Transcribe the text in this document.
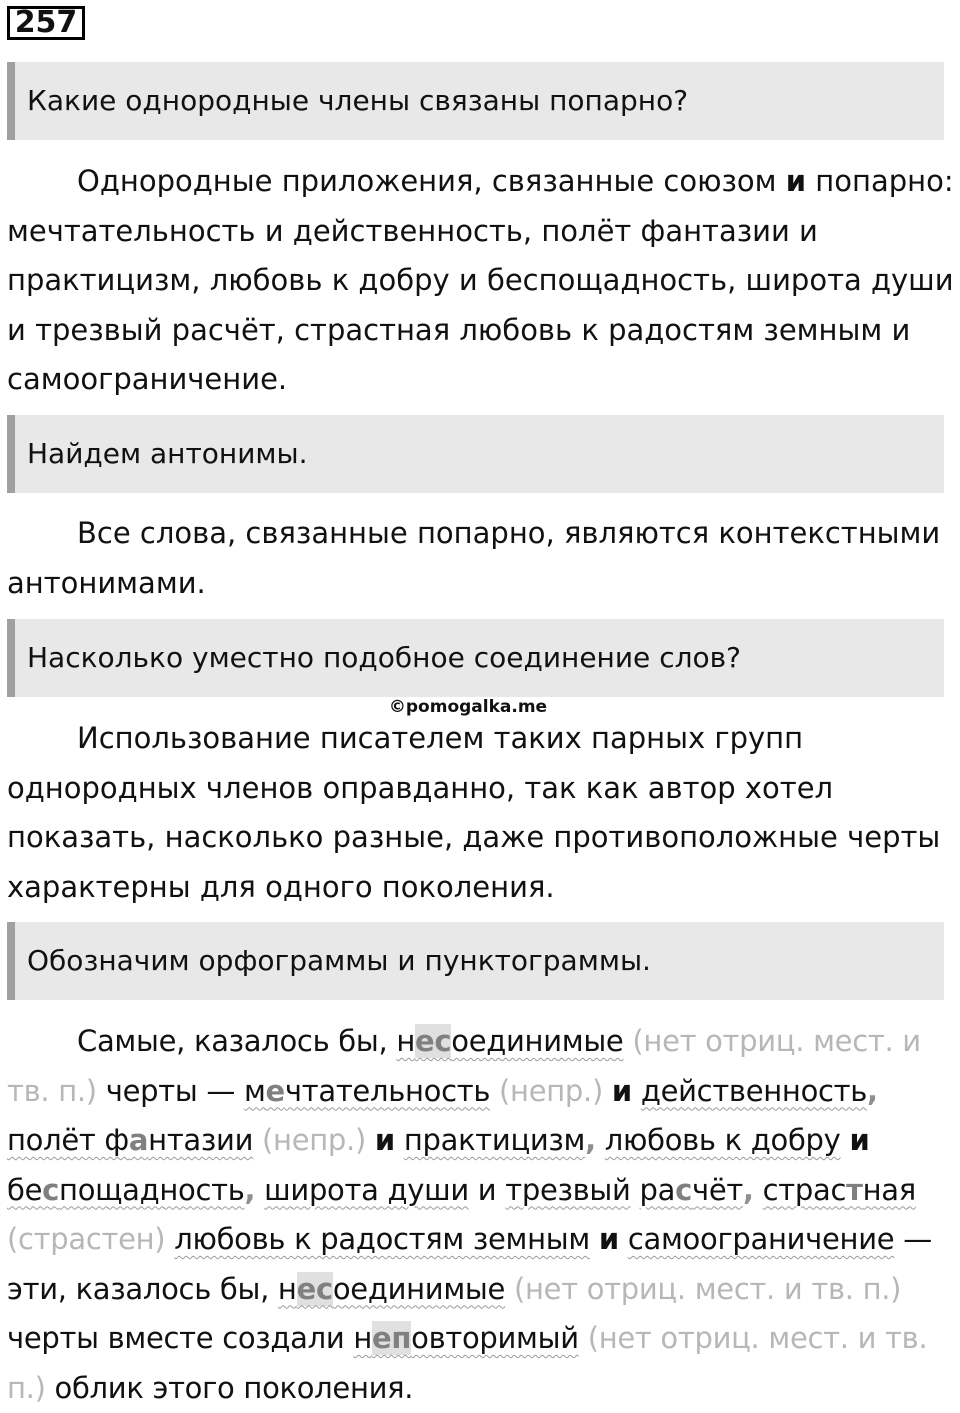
257
Какие однородные члены связаны попарно?

Однородные приложения, связанные союзом и попарно: мечтательность и действенность, полёт фантазии и практицизм, любовь к добру и беспощадность, широта души и трезвый расчёт, страстная любовь к радостям земным и самоограничение.

Найдем антонимы.

Все слова, связанные попарно, являются контекстными антонимами.

Насколько уместно подобное соединение слов?
©pomogalka.me

Использование писателем таких парных групп однородных членов оправданно, так как автор хотел показать, насколько разные, даже противоположные черты характерны для одного поколения.

Обозначим орфограммы и пунктограммы.

Самые, казалось бы, несоединимые (нет отриц. мест. и тв. п.) черты — мечтательность (непр.) и действенность, полёт фантазии (непр.) и практицизм, любовь к добру и беспощадность, широта души и трезвый расчёт, страстная (страстен) любовь к радостям земным и самоограничение — эти, казалось бы, несоединимые (нет отриц. мест. и тв. п.) черты вместе создали неповторимый (нет отриц. мест. и тв. п.) облик этого поколения.
